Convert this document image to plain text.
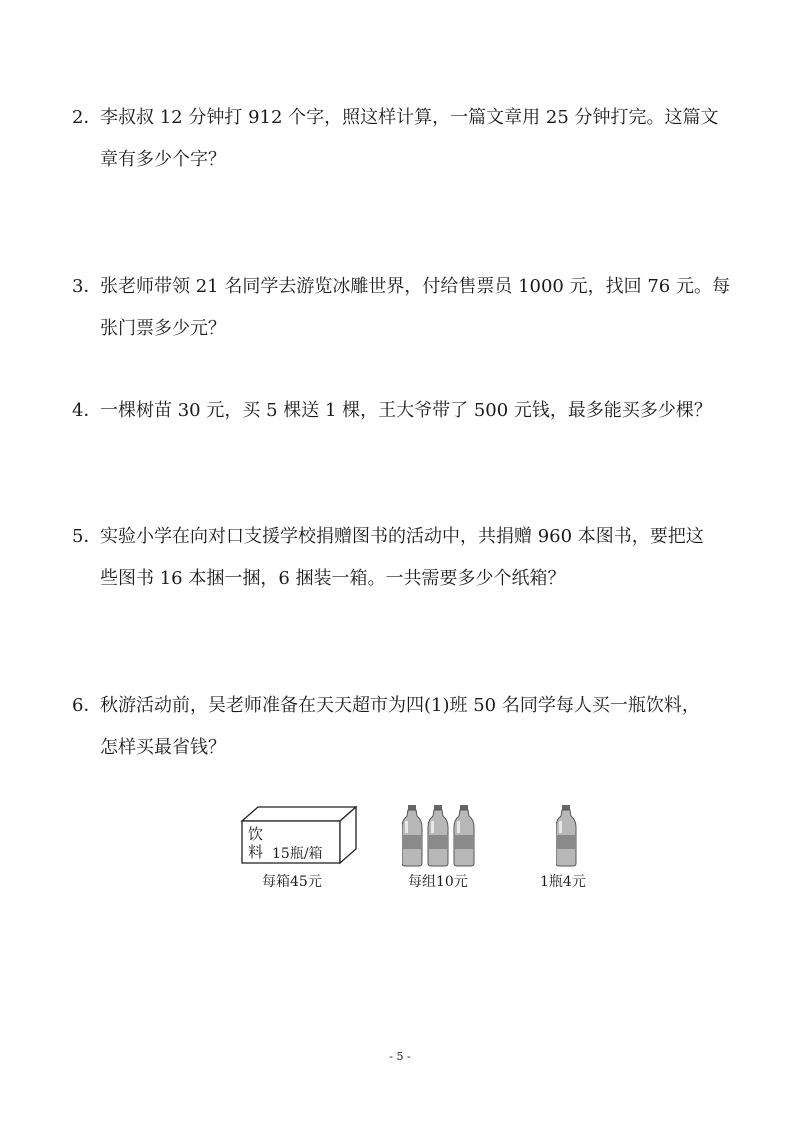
2．李叔叔 12 分钟打 912 个字，照这样计算，一篇文章用 25 分钟打完。这篇文
章有多少个字？
3．张老师带领 21 名同学去游览冰雕世界，付给售票员 1000 元，找回 76 元。每
张门票多少元？
4．一棵树苗 30 元，买 5 棵送 1 棵，王大爷带了 500 元钱，最多能买多少棵？
5．实验小学在向对口支援学校捐赠图书的活动中，共捐赠 960 本图书，要把这
些图书 16 本捆一捆，6 捆装一箱。一共需要多少个纸箱？
6．秋游活动前，吴老师准备在天天超市为四(1)班 50 名同学每人买一瓶饮料，
怎样买最省钱？
饮
料 15瓶/箱
每箱45元	每组10元	1瓶4元
- 5 -
